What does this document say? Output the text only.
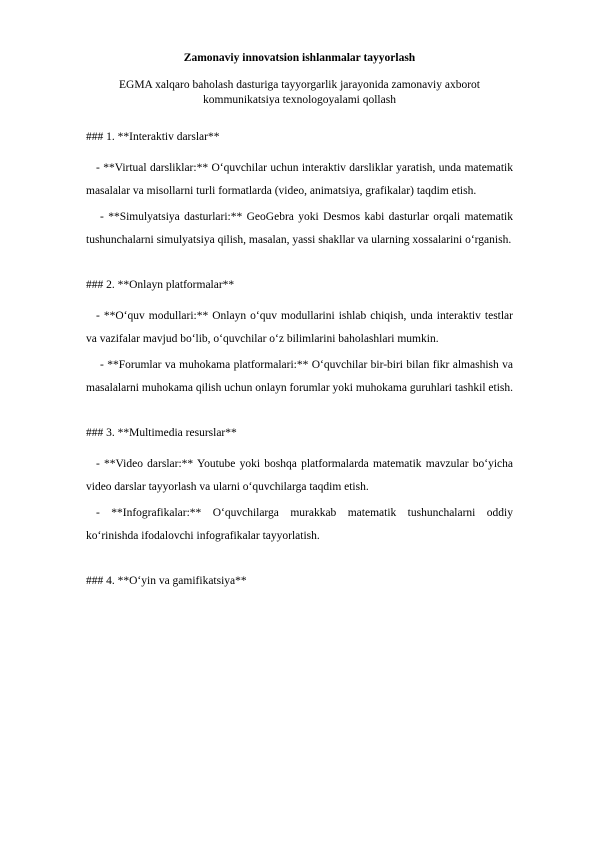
Zamonaviy innovatsion ishlanmalar tayyorlash
EGMA xalqaro baholash dasturiga tayyorgarlik jarayonida zamonaviy axborot kommunikatsiya texnologoyalami qollash
### 1. **Interaktiv darslar**

- **Virtual darsliklar:** O‘quvchilar uchun interaktiv darsliklar yaratish, unda matematik masalalar va misollarni turli formatlarda (video, animatsiya, grafikalar) taqdim etish.

- **Simulyatsiya dasturlari:** GeoGebra yoki Desmos kabi dasturlar orqali matematik tushunchalarni simulyatsiya qilish, masalan, yassi shakllar va ularning xossalarini o‘rganish.

### 2. **Onlayn platformalar**

- **O‘quv modullari:** Onlayn o‘quv modullarini ishlab chiqish, unda interaktiv testlar va vazifalar mavjud bo‘lib, o‘quvchilar o‘z bilimlarini baholashlari mumkin.

- **Forumlar va muhokama platformalari:** O‘quvchilar bir-biri bilan fikr almashish va masalalarni muhokama qilish uchun onlayn forumlar yoki muhokama guruhlari tashkil etish.

### 3. **Multimedia resurslar**

- **Video darslar:** Youtube yoki boshqa platformalarda matematik mavzular bo‘yicha video darslar tayyorlash va ularni o‘quvchilarga taqdim etish.

- **Infografikalar:** O‘quvchilarga murakkab matematik tushunchalarni oddiy ko‘rinishda ifodalovchi infografikalar tayyorlatish.

### 4. **O‘yin va gamifikatsiya**
